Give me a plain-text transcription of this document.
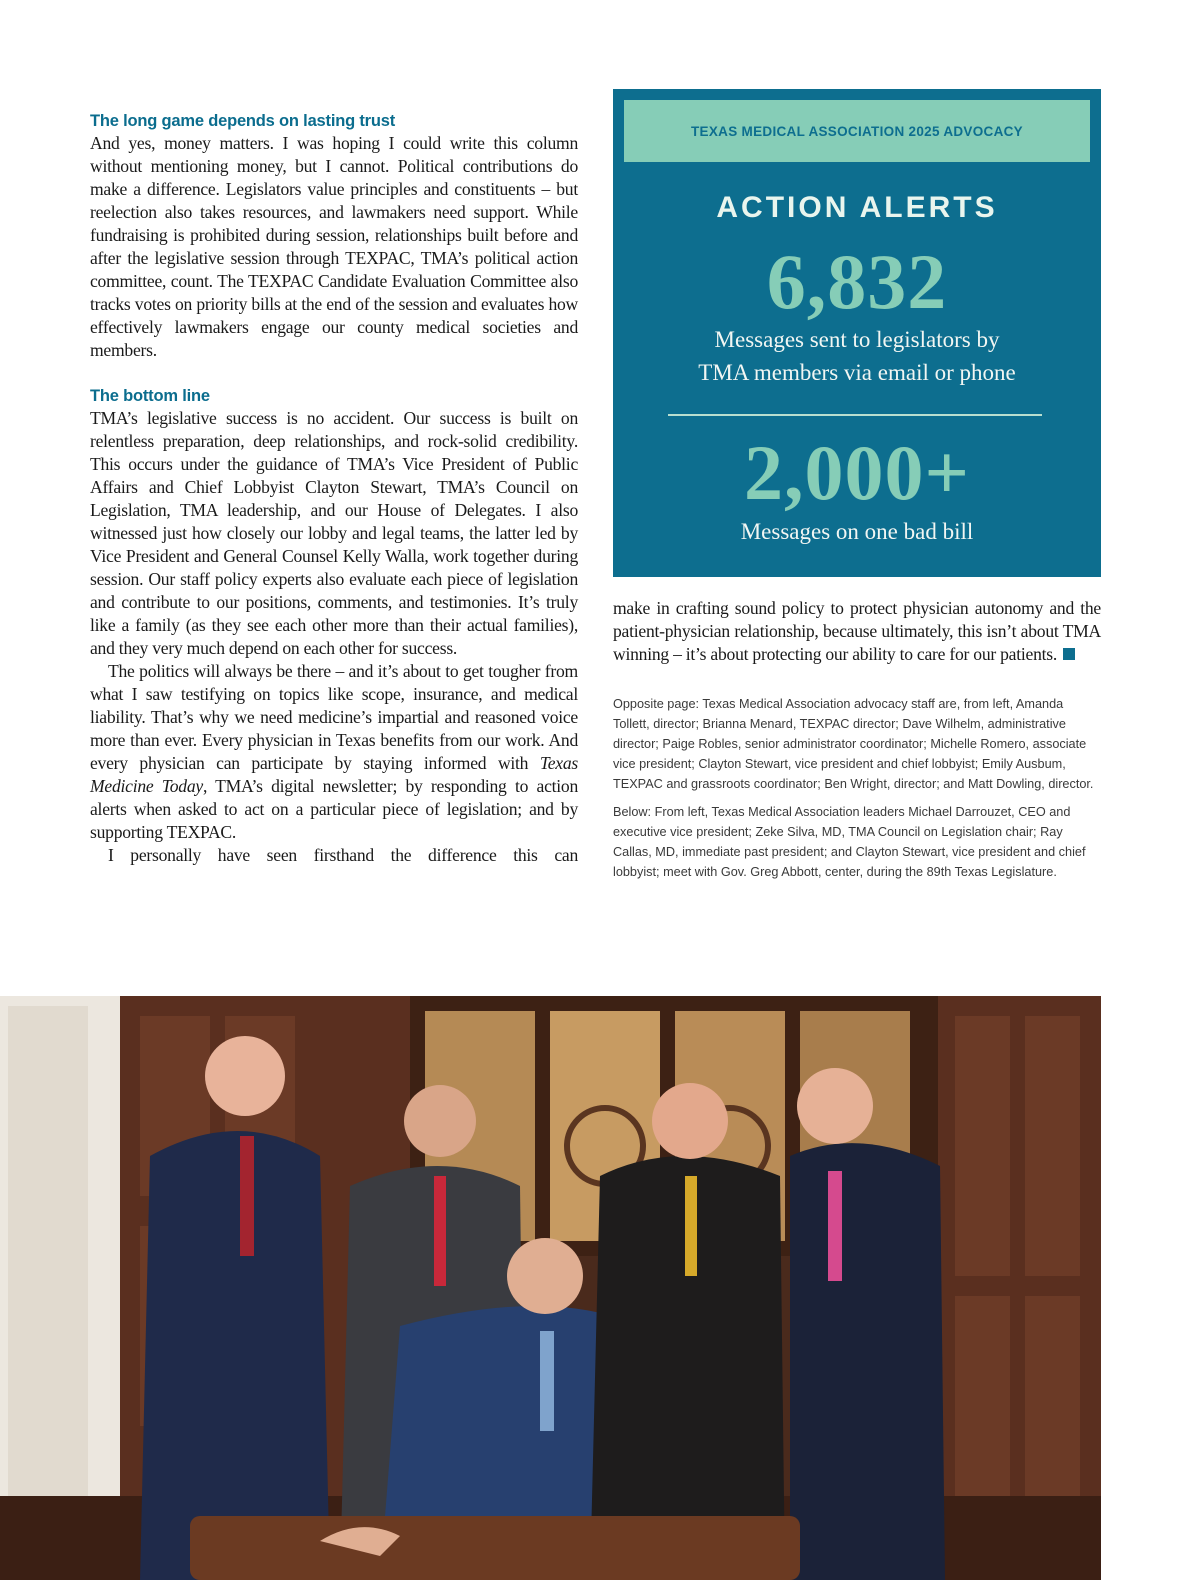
The long game depends on lasting trust

And yes, money matters. I was hoping I could write this column without mentioning money, but I cannot. Political contributions do make a difference. Legislators value principles and constituents – but reelection also takes resources, and lawmakers need support. While fundraising is prohibited during session, relationships built before and after the legislative session through TEXPAC, TMA’s political action committee, count. The TEXPAC Candidate Evaluation Committee also tracks votes on priority bills at the end of the session and evaluates how effectively lawmakers engage our county medical societies and members.

The bottom line

TMA’s legislative success is no accident. Our success is built on relentless preparation, deep relationships, and rock-solid credibility. This occurs under the guidance of TMA’s Vice President of Public Affairs and Chief Lobbyist Clayton Stewart, TMA’s Council on Legislation, TMA leadership, and our House of Delegates. I also witnessed just how closely our lobby and legal teams, the latter led by Vice President and General Counsel Kelly Walla, work together during session. Our staff policy experts also evaluate each piece of legislation and contribute to our positions, comments, and testimonies. It’s truly like a family (as they see each other more than their actual families), and they very much depend on each other for success.

The politics will always be there – and it’s about to get tougher from what I saw testifying on topics like scope, insurance, and medical liability. That’s why we need medicine’s impartial and reasoned voice more than ever. Every physician in Texas benefits from our work. And every physician can participate by staying informed with Texas Medicine Today, TMA’s digital newsletter; by responding to action alerts when asked to act on a particular piece of legislation; and by supporting TEXPAC.

I personally have seen firsthand the difference this can

TEXAS MEDICAL ASSOCIATION 2025 ADVOCACY
ACTION ALERTS
6,832
Messages sent to legislators by
TMA members via email or phone
2,000+
Messages on one bad bill

make in crafting sound policy to protect physician autonomy and the patient-physician relationship, because ultimately, this isn’t about TMA winning – it’s about protecting our ability to care for our patients.

Opposite page: Texas Medical Association advocacy staff are, from left, Amanda Tollett, director; Brianna Menard, TEXPAC director; Dave Wilhelm, administrative director; Paige Robles, senior administrator coordinator; Michelle Romero, associate vice president; Clayton Stewart, vice president and chief lobbyist; Emily Ausbum, TEXPAC and grassroots coordinator; Ben Wright, director; and Matt Dowling, director.

Below: From left, Texas Medical Association leaders Michael Darrouzet, CEO and executive vice president; Zeke Silva, MD, TMA Council on Legislation chair; Ray Callas, MD, immediate past president; and Clayton Stewart, vice president and chief lobbyist; meet with Gov. Greg Abbott, center, during the 89th Texas Legislature.
